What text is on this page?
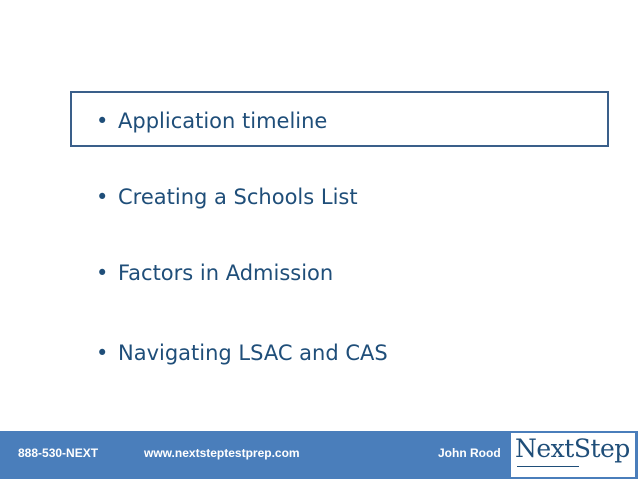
• Application timeline
• Creating a Schools List
• Factors in Admission
• Navigating LSAC and CAS
888-530-NEXT	www.nextsteptestprep.com	John Rood NextStep
